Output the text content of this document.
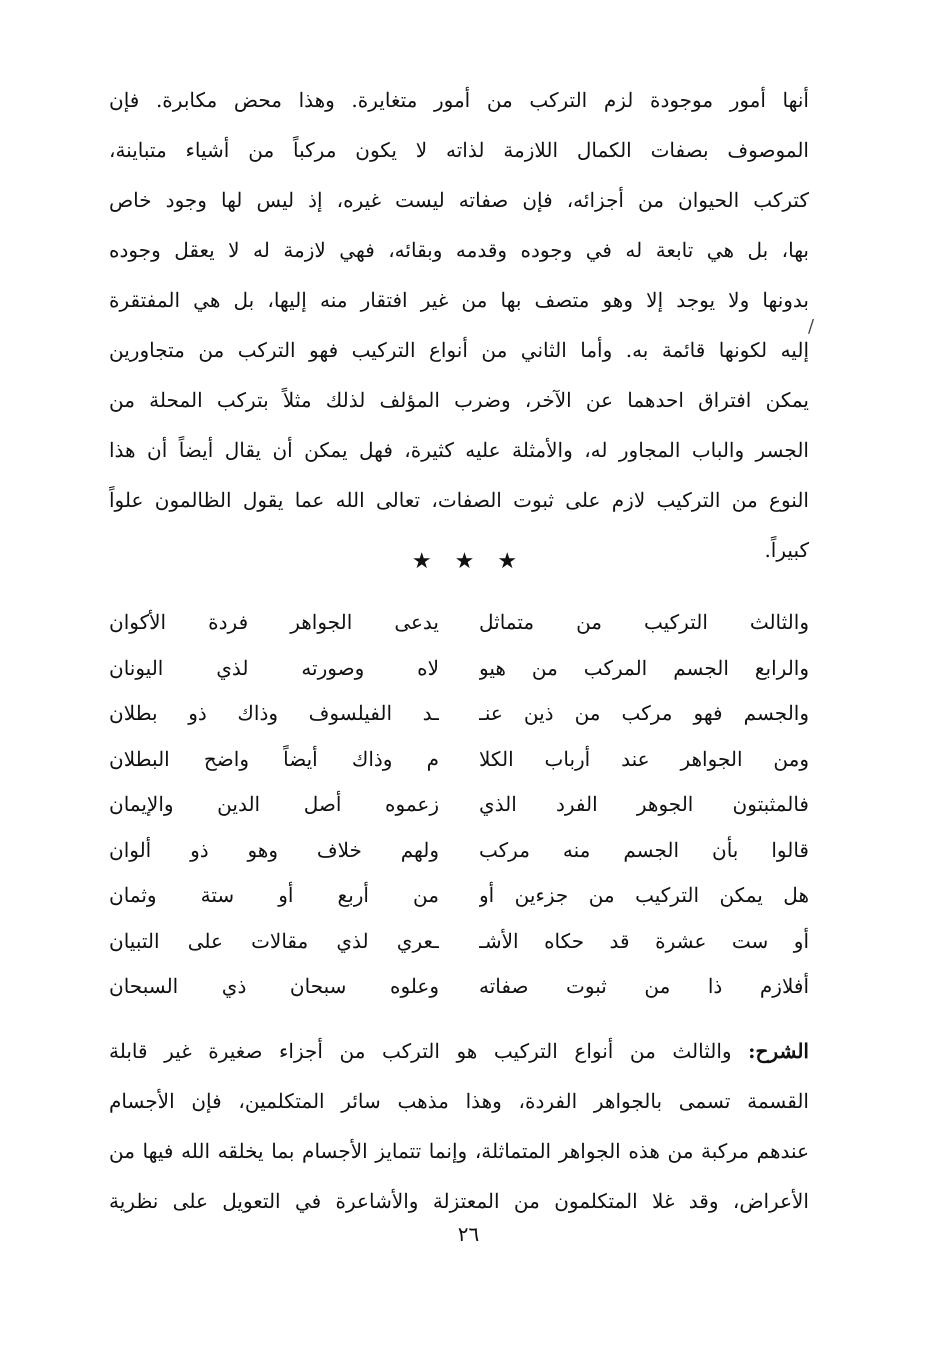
أنها أمور موجودة لزم التركب من أمور متغايرة. وهذا محض مكابرة. فإن
الموصوف بصفات الكمال اللازمة لذاته لا يكون مركباً من أشياء متباينة،
كتركب الحيوان من أجزائه، فإن صفاته ليست غيره، إذ ليس لها وجود خاص
بها، بل هي تابعة له في وجوده وقدمه وبقائه، فهي لازمة له لا يعقل وجوده
بدونها ولا يوجد إلا وهو متصف بها من غير افتقار منه إليها، بل هي المفتقرة
إليه لكونها قائمة به. وأما الثاني من أنواع التركيب فهو التركب من متجاورين
يمكن افتراق احدهما عن الآخر، وضرب المؤلف لذلك مثلاً بتركب المحلة من
الجسر والباب المجاور له، والأمثلة عليه كثيرة، فهل يمكن أن يقال أيضاً أن هذا
النوع من التركيب لازم على ثبوت الصفات، تعالى الله عما يقول الظالمون علواً
كبيراً.
/
★ ★ ★
والثالث التركيب من متماثل
يدعى الجواهر فردة الأكوان
والرابع الجسم المركب من هيو
لاه وصورته لذي اليونان
والجسم فهو مركب من ذين عنـ
ـد الفيلسوف وذاك ذو بطلان
ومن الجواهر عند أرباب الكلا
م وذاك أيضاً واضح البطلان
فالمثبتون الجوهر الفرد الذي
زعموه أصل الدين والإيمان
قالوا بأن الجسم منه مركب
ولهم خلاف وهو ذو ألوان
هل يمكن التركيب من جزءين أو
من أربع أو ستة وثمان
أو ست عشرة قد حكاه الأشـ
ـعري لذي مقالات على التبيان
أفلازم ذا من ثبوت صفاته
وعلوه سبحان ذي السبحان
الشرح: والثالث من أنواع التركيب هو التركب من أجزاء صغيرة غير قابلة
القسمة تسمى بالجواهر الفردة، وهذا مذهب سائر المتكلمين، فإن الأجسام
عندهم مركبة من هذه الجواهر المتماثلة، وإنما تتمايز الأجسام بما يخلقه الله فيها من
الأعراض، وقد غلا المتكلمون من المعتزلة والأشاعرة في التعويل على نظرية
٢٦
